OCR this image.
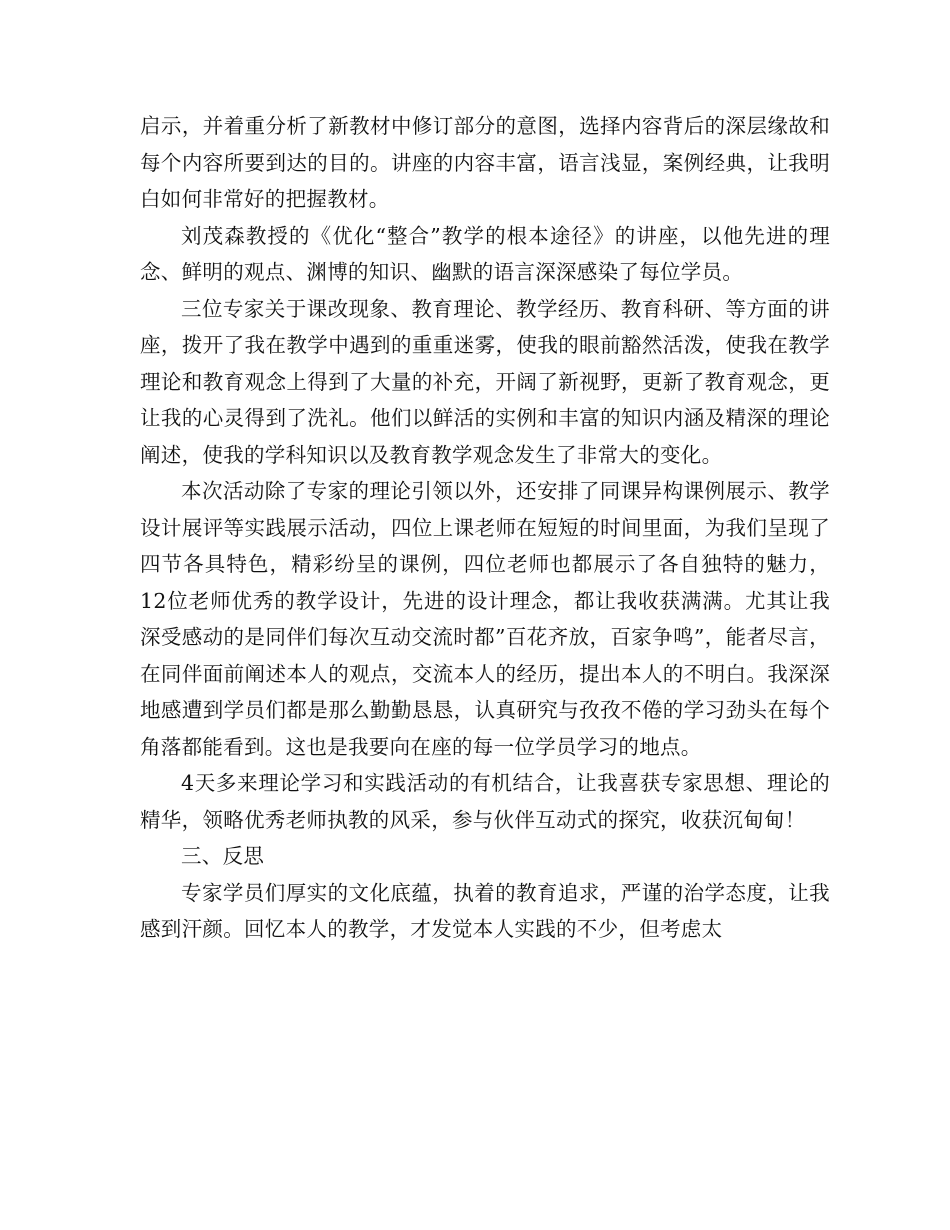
启示，并着重分析了新教材中修订部分的意图，选择内容背后的深层缘故和每个内容所要到达的目的。讲座的内容丰富，语言浅显，案例经典，让我明白如何非常好的把握教材。

刘茂森教授的《优化“整合”教学的根本途径》的讲座，以他先进的理念、鲜明的观点、渊博的知识、幽默的语言深深感染了每位学员。

三位专家关于课改现象、教育理论、教学经历、教育科研、等方面的讲座，拨开了我在教学中遇到的重重迷雾，使我的眼前豁然活泼，使我在教学理论和教育观念上得到了大量的补充，开阔了新视野，更新了教育观念，更让我的心灵得到了洗礼。他们以鲜活的实例和丰富的知识内涵及精深的理论阐述，使我的学科知识以及教育教学观念发生了非常大的变化。

本次活动除了专家的理论引领以外，还安排了同课异构课例展示、教学设计展评等实践展示活动，四位上课老师在短短的时间里面，为我们呈现了四节各具特色，精彩纷呈的课例，四位老师也都展示了各自独特的魅力，12位老师优秀的教学设计，先进的设计理念，都让我收获满满。尤其让我深受感动的是同伴们每次互动交流时都”百花齐放，百家争鸣”，能者尽言，在同伴面前阐述本人的观点，交流本人的经历，提出本人的不明白。我深深地感遭到学员们都是那么勤勤恳恳，认真研究与孜孜不倦的学习劲头在每个角落都能看到。这也是我要向在座的每一位学员学习的地点。

4天多来理论学习和实践活动的有机结合，让我喜获专家思想、理论的精华，领略优秀老师执教的风采，参与伙伴互动式的探究，收获沉甸甸！

三、反思

专家学员们厚实的文化底蕴，执着的教育追求，严谨的治学态度，让我感到汗颜。回忆本人的教学，才发觉本人实践的不少，但考虑太
